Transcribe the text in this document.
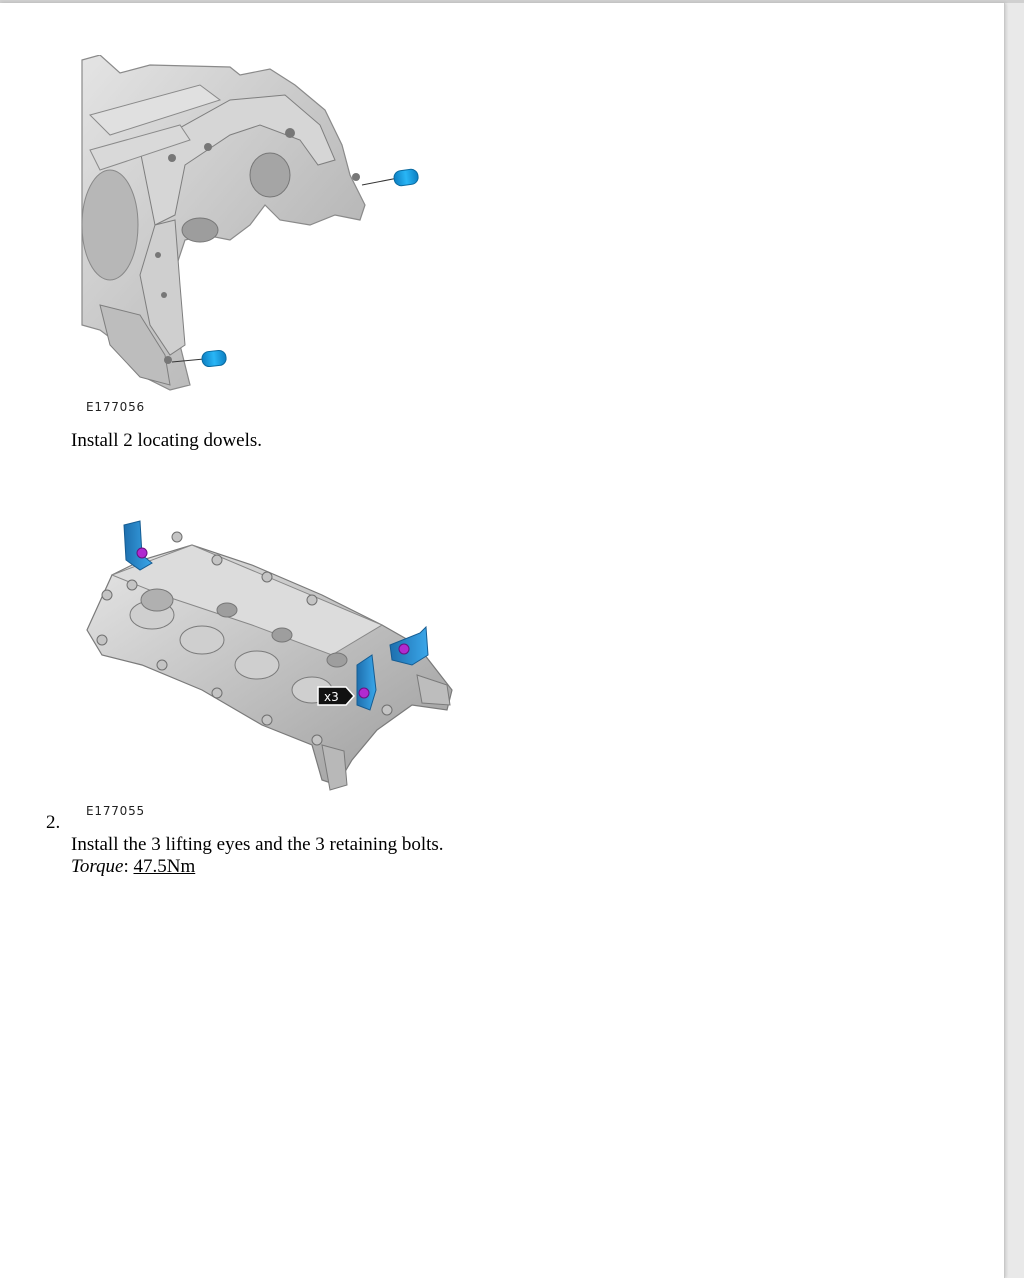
E177056
Install 2 locating dowels.
x3
2.
E177055
Install the 3 lifting eyes and the 3 retaining bolts.
Torque: 47.5Nm
